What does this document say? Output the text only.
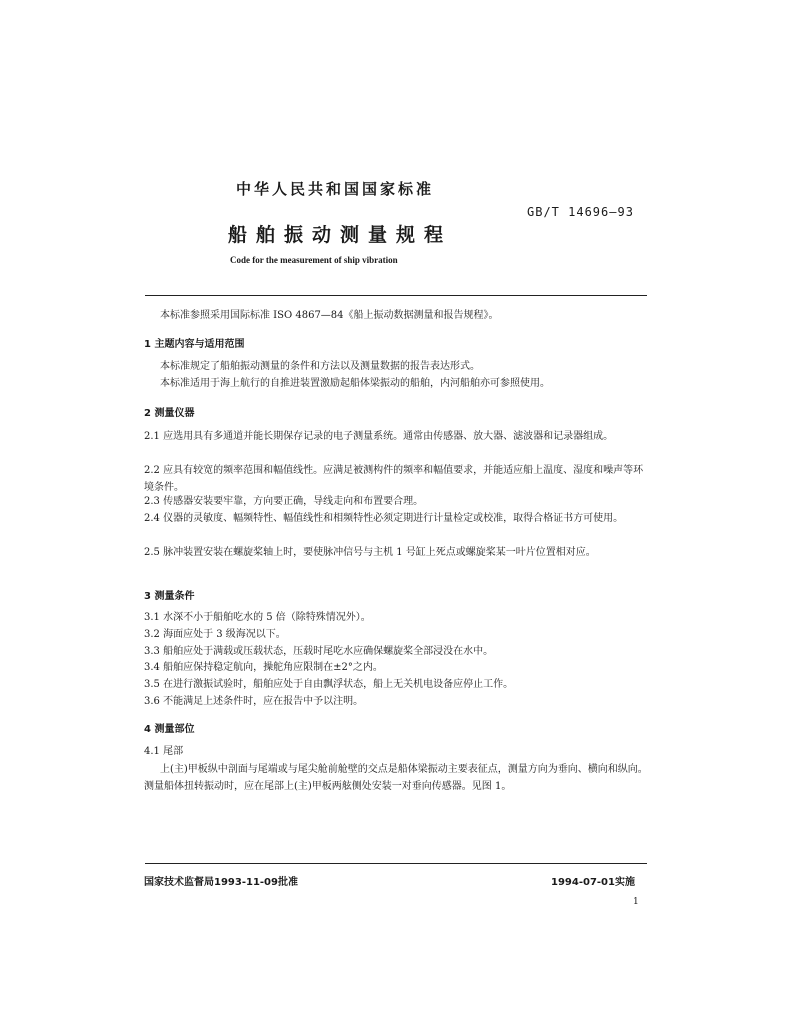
中华人民共和国国家标准
GB/T 14696—93
船舶振动测量规程
Code for the measurement of ship vibration
本标准参照采用国际标准 ISO 4867—84《船上振动数据测量和报告规程》。
1 主题内容与适用范围
本标准规定了船舶振动测量的条件和方法以及测量数据的报告表达形式。
本标准适用于海上航行的自推进装置激励起船体梁振动的船舶，内河船舶亦可参照使用。
2 测量仪器
2.1 应选用具有多通道并能长期保存记录的电子测量系统。通常由传感器、放大器、滤波器和记录器组成。
2.2 应具有较宽的频率范围和幅值线性。应满足被测构件的频率和幅值要求，并能适应船上温度、湿度和噪声等环境条件。
2.3 传感器安装要牢靠，方向要正确，导线走向和布置要合理。
2.4 仪器的灵敏度、幅频特性、幅值线性和相频特性必须定期进行计量检定或校准，取得合格证书方可使用。
2.5 脉冲装置安装在螺旋桨轴上时，要使脉冲信号与主机 1 号缸上死点或螺旋桨某一叶片位置相对应。
3 测量条件
3.1 水深不小于船舶吃水的 5 倍（除特殊情况外）。
3.2 海面应处于 3 级海况以下。
3.3 船舶应处于满载或压载状态，压载时尾吃水应确保螺旋桨全部浸没在水中。
3.4 船舶应保持稳定航向，操舵角应限制在±2°之内。
3.5 在进行激振试验时，船舶应处于自由飘浮状态，船上无关机电设备应停止工作。
3.6 不能满足上述条件时，应在报告中予以注明。
4 测量部位
4.1 尾部
上(主)甲板纵中剖面与尾端或与尾尖舱前舱壁的交点是船体梁振动主要表征点，测量方向为垂向、横向和纵向。测量船体扭转振动时，应在尾部上(主)甲板两舷侧处安装一对垂向传感器。见图 1。
国家技术监督局1993-11-09批准	1994-07-01实施
1
